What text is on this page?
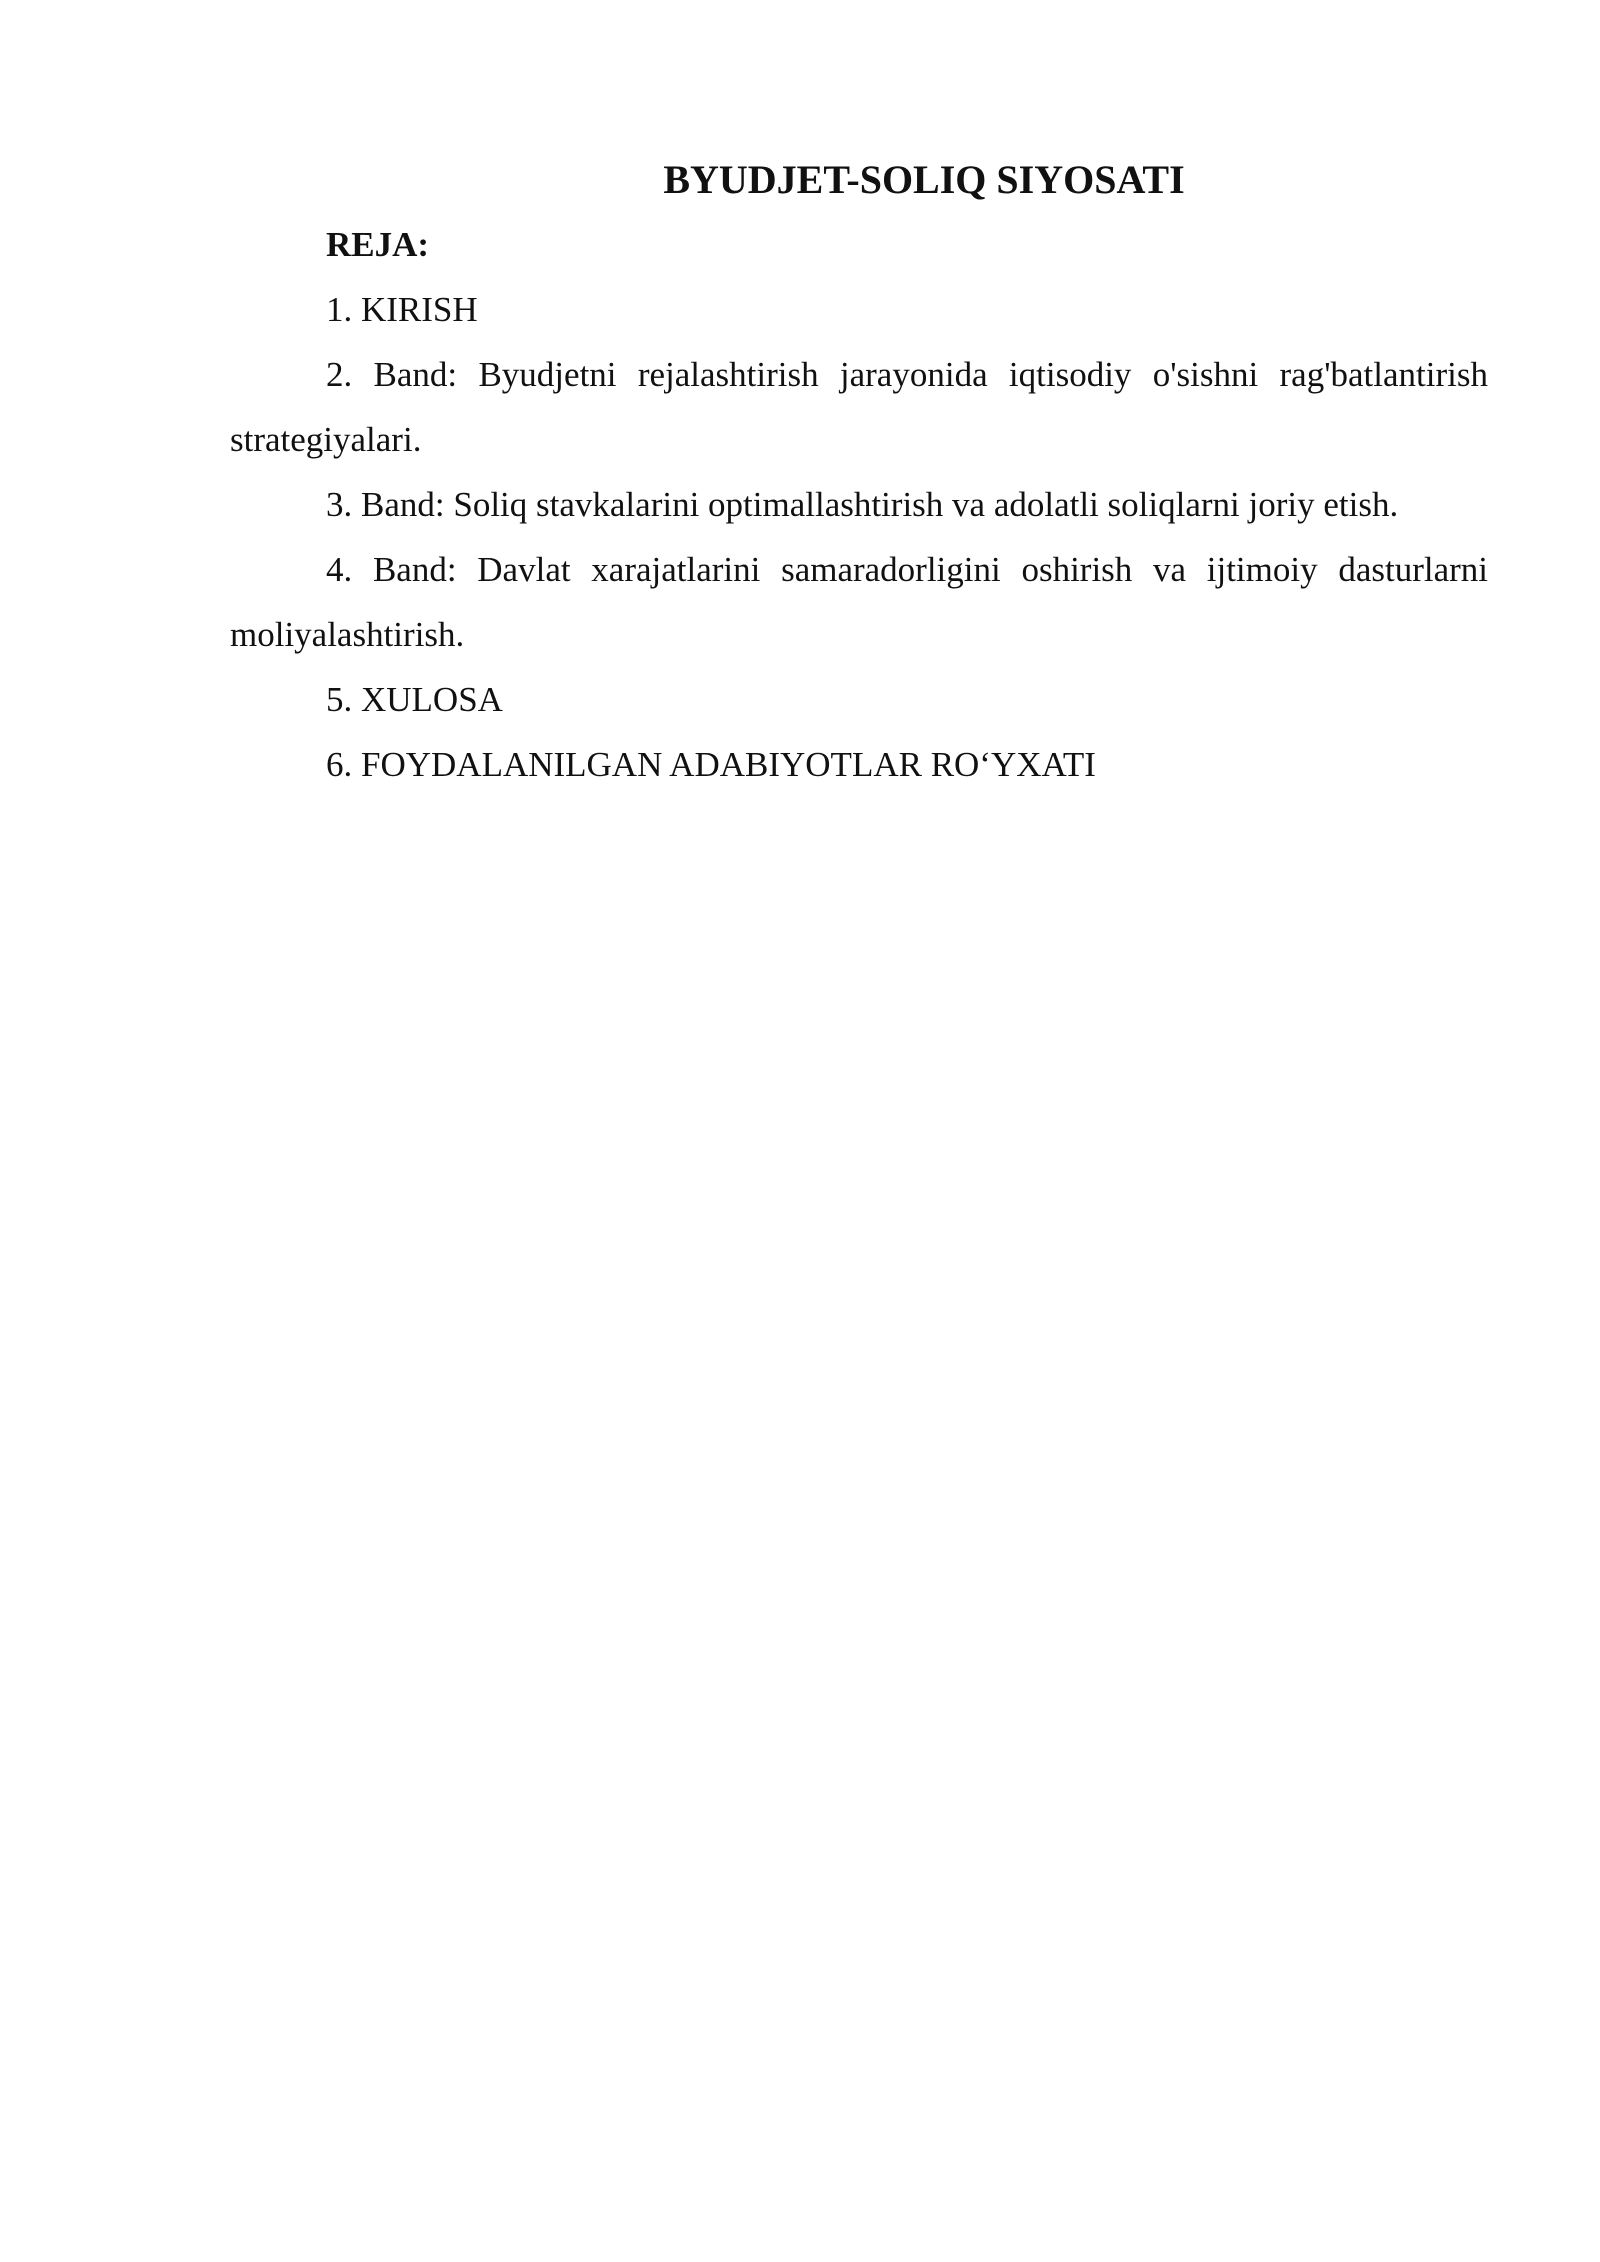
BYUDJET-SOLIQ SIYOSATI

REJA:

1. KIRISH
2. Band: Byudjetni rejalashtirish jarayonida iqtisodiy o'sishni rag'batlantirish strategiyalari.
3. Band: Soliq stavkalarini optimallashtirish va adolatli soliqlarni joriy etish.
4. Band: Davlat xarajatlarini samaradorligini oshirish va ijtimoiy dasturlarni moliyalashtirish.
5. XULOSA
6. FOYDALANILGAN ADABIYOTLAR RO‘YXATI
